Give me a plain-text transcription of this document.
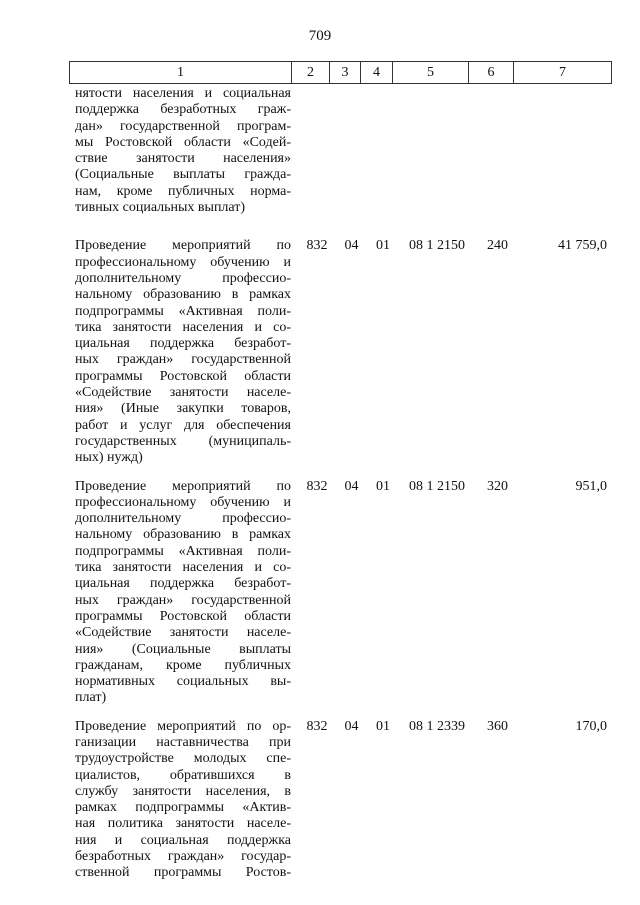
709
1	2	3	4	5	6	7
нятости населения и социальная
поддержка безработных граж-
дан» государственной програм-
мы Ростовской области «Содей-
ствие занятости населения»
(Социальные выплаты гражда-
нам, кроме публичных норма-
тивных социальных выплат)
Проведение мероприятий по
профессиональному обучению и
дополнительному профессио-
нальному образованию в рамках
подпрограммы «Активная поли-
тика занятости населения и со-
циальная поддержка безработ-
ных граждан» государственной
программы Ростовской области
«Содействие занятости населе-
ния» (Иные закупки товаров,
работ и услуг для обеспечения
государственных (муниципаль-
ных) нужд)
832	04	01	08 1 2150	240	41 759,0
Проведение мероприятий по
профессиональному обучению и
дополнительному профессио-
нальному образованию в рамках
подпрограммы «Активная поли-
тика занятости населения и со-
циальная поддержка безработ-
ных граждан» государственной
программы Ростовской области
«Содействие занятости населе-
ния» (Социальные выплаты
гражданам, кроме публичных
нормативных социальных вы-
плат)
832	04	01	08 1 2150	320	951,0
Проведение мероприятий по ор-
ганизации наставничества при
трудоустройстве молодых спе-
циалистов, обратившихся в
службу занятости населения, в
рамках подпрограммы «Актив-
ная политика занятости населе-
ния и социальная поддержка
безработных граждан» государ-
ственной программы Ростов-
832	04	01	08 1 2339	360	170,0
